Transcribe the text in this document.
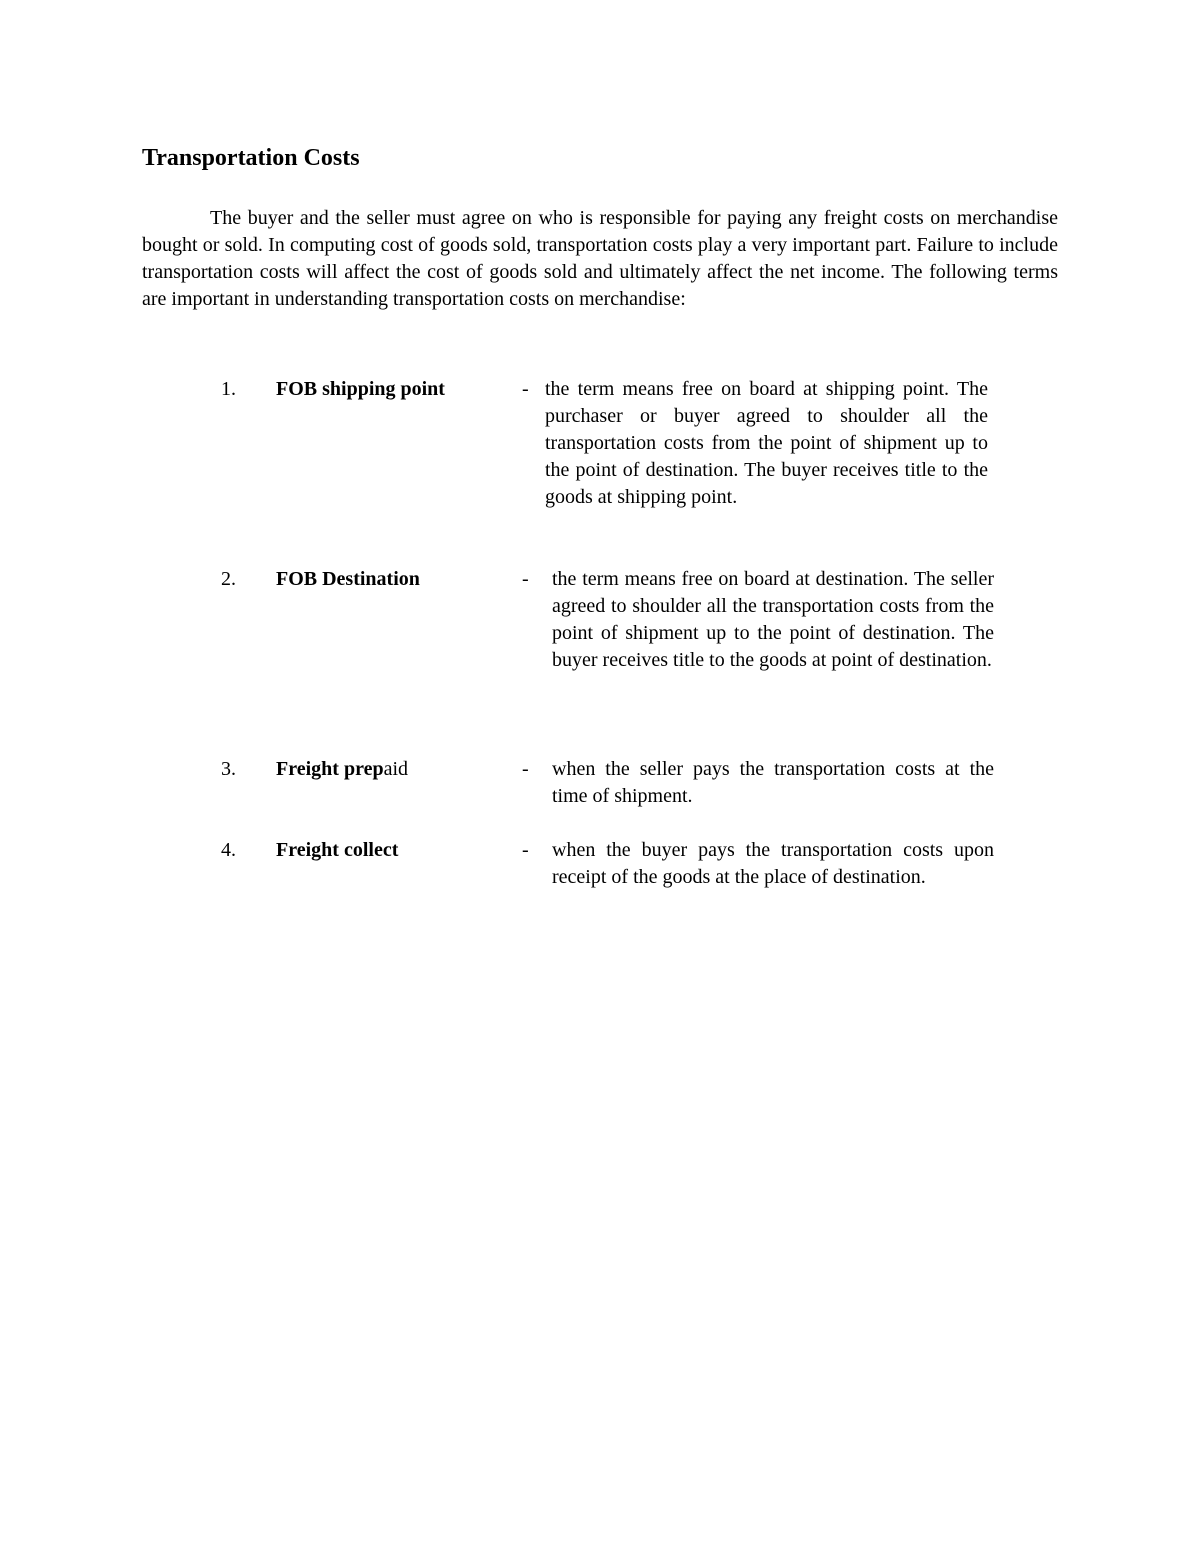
Transportation Costs

The buyer and the seller must agree on who is responsible for paying any freight costs on merchandise bought or sold. In computing cost of goods sold, transportation costs play a very important part. Failure to include transportation costs will affect the cost of goods sold and ultimately affect the net income. The following terms are important in understanding transportation costs on merchandise:

1. FOB shipping point	- the term means free on board at shipping point. The purchaser or buyer agreed to shoulder all the transportation costs from the point of shipment up to the point of destination. The buyer receives title to the goods at shipping point.

2. FOB Destination	- the term means free on board at destination. The seller agreed to shoulder all the transportation costs from the point of shipment up to the point of destination. The buyer receives title to the goods at point of destination.

3. Freight prepaid	- when the seller pays the transportation costs at the time of shipment.

4. Freight collect	- when the buyer pays the transportation costs upon receipt of the goods at the place of destination.
